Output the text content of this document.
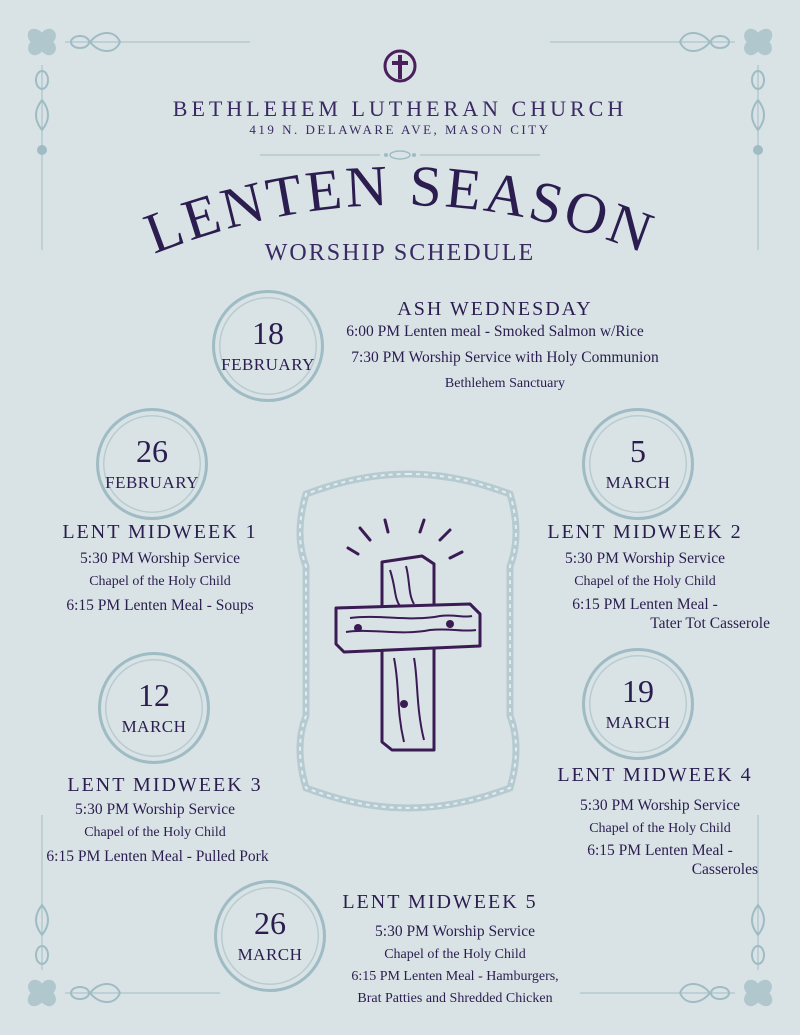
BETHLEHEM LUTHERAN CHURCH
419 N. DELAWARE AVE, MASON CITY
LENTEN SEASON
WORSHIP SCHEDULE
18
FEBRUARY
ASH WEDNESDAY
6:00 PM Lenten meal - Smoked Salmon w/Rice
7:30 PM Worship Service with Holy Communion
Bethlehem Sanctuary
26
FEBRUARY
LENT MIDWEEK 1
5:30 PM Worship Service
Chapel of the Holy Child
6:15 PM Lenten Meal - Soups
5
MARCH
LENT MIDWEEK 2
5:30 PM Worship Service
Chapel of the Holy Child
6:15 PM Lenten Meal -
Tater Tot Casserole
12
MARCH
LENT MIDWEEK 3
5:30 PM Worship Service
Chapel of the Holy Child
6:15 PM Lenten Meal - Pulled Pork
19
MARCH
LENT MIDWEEK 4
5:30 PM Worship Service
Chapel of the Holy Child
6:15 PM Lenten Meal -
Casseroles
26
MARCH
LENT MIDWEEK 5
5:30 PM Worship Service
Chapel of the Holy Child
6:15 PM Lenten Meal - Hamburgers,
Brat Patties and Shredded Chicken
